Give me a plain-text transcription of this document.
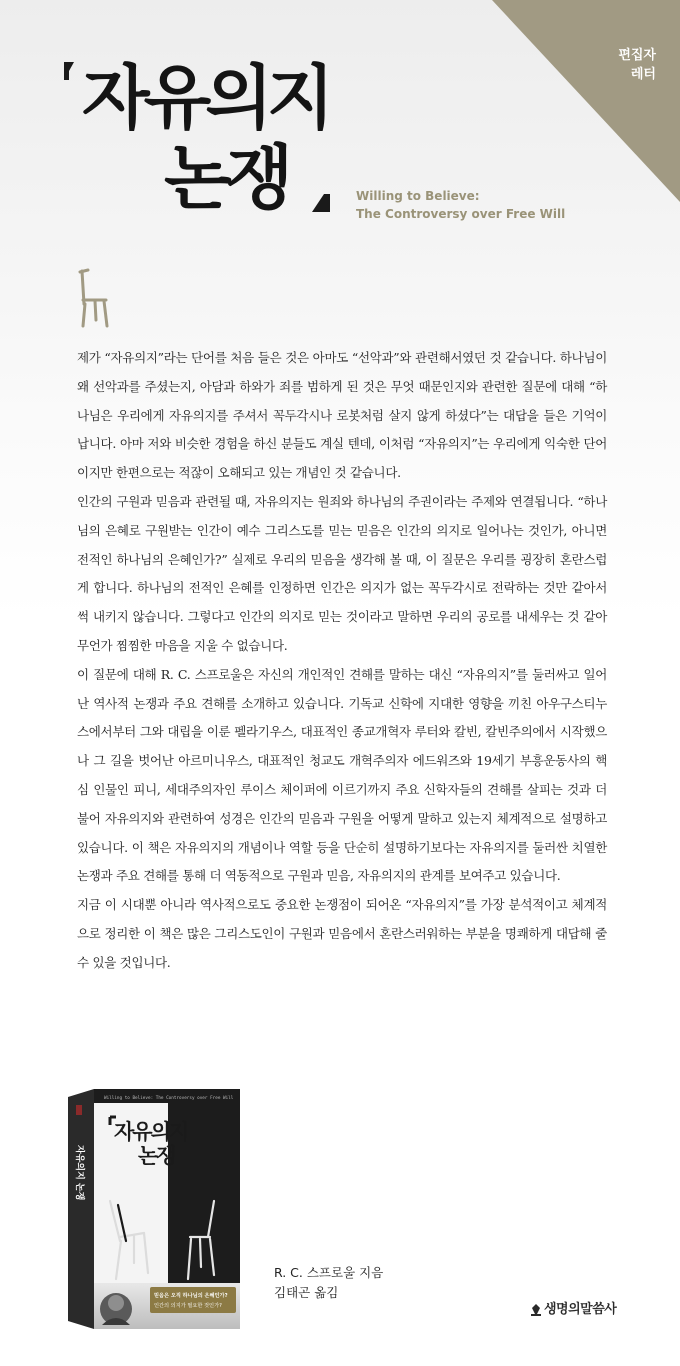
편집자
레터
자유의지
논쟁	Willing to Believe:
The Controversy over Free Will

제가 “자유의지”라는 단어를 처음 들은 것은 아마도 “선악과”와 관련해서였던 것 같습니다. 하나님이 왜 선악과를 주셨는지, 아담과 하와가 죄를 범하게 된 것은 무엇 때문인지와 관련한 질문에 대해 “하나님은 우리에게 자유의지를 주셔서 꼭두각시나 로봇처럼 살지 않게 하셨다”는 대답을 들은 기억이 납니다. 아마 저와 비슷한 경험을 하신 분들도 계실 텐데, 이처럼 “자유의지”는 우리에게 익숙한 단어이지만 한편으로는 적잖이 오해되고 있는 개념인 것 같습니다.

인간의 구원과 믿음과 관련될 때, 자유의지는 원죄와 하나님의 주권이라는 주제와 연결됩니다. “하나님의 은혜로 구원받는 인간이 예수 그리스도를 믿는 믿음은 인간의 의지로 일어나는 것인가, 아니면 전적인 하나님의 은혜인가?” 실제로 우리의 믿음을 생각해 볼 때, 이 질문은 우리를 굉장히 혼란스럽게 합니다. 하나님의 전적인 은혜를 인정하면 인간은 의지가 없는 꼭두각시로 전락하는 것만 같아서 썩 내키지 않습니다. 그렇다고 인간의 의지로 믿는 것이라고 말하면 우리의 공로를 내세우는 것 같아 무언가 찜찜한 마음을 지울 수 없습니다.

이 질문에 대해 R. C. 스프로울은 자신의 개인적인 견해를 말하는 대신 “자유의지”를 둘러싸고 일어난 역사적 논쟁과 주요 견해를 소개하고 있습니다. 기독교 신학에 지대한 영향을 끼친 아우구스티누스에서부터 그와 대립을 이룬 펠라기우스, 대표적인 종교개혁자 루터와 칼빈, 칼빈주의에서 시작했으나 그 길을 벗어난 아르미니우스, 대표적인 청교도 개혁주의자 에드워즈와 19세기 부흥운동사의 핵심 인물인 피니, 세대주의자인 루이스 체이퍼에 이르기까지 주요 신학자들의 견해를 살피는 것과 더불어 자유의지와 관련하여 성경은 인간의 믿음과 구원을 어떻게 말하고 있는지 체계적으로 설명하고 있습니다. 이 책은 자유의지의 개념이나 역할 등을 단순히 설명하기보다는 자유의지를 둘러싼 치열한 논쟁과 주요 견해를 통해 더 역동적으로 구원과 믿음, 자유의지의 관계를 보여주고 있습니다.

지금 이 시대뿐 아니라 역사적으로도 중요한 논쟁점이 되어온 “자유의지”를 가장 분석적이고 체계적으로 정리한 이 책은 많은 그리스도인이 구원과 믿음에서 혼란스러워하는 부분을 명쾌하게 대답해 줄 수 있을 것입니다.

자유의지 논쟁
Willing to Believe: The Controversy over Free Will
자유의지
논쟁
믿음은 오직 하나님의 은혜인가?
인간의 의지가 필요한 것인가?
R. C. 스프로울 지음
김태곤 옮김
생명의말씀사
